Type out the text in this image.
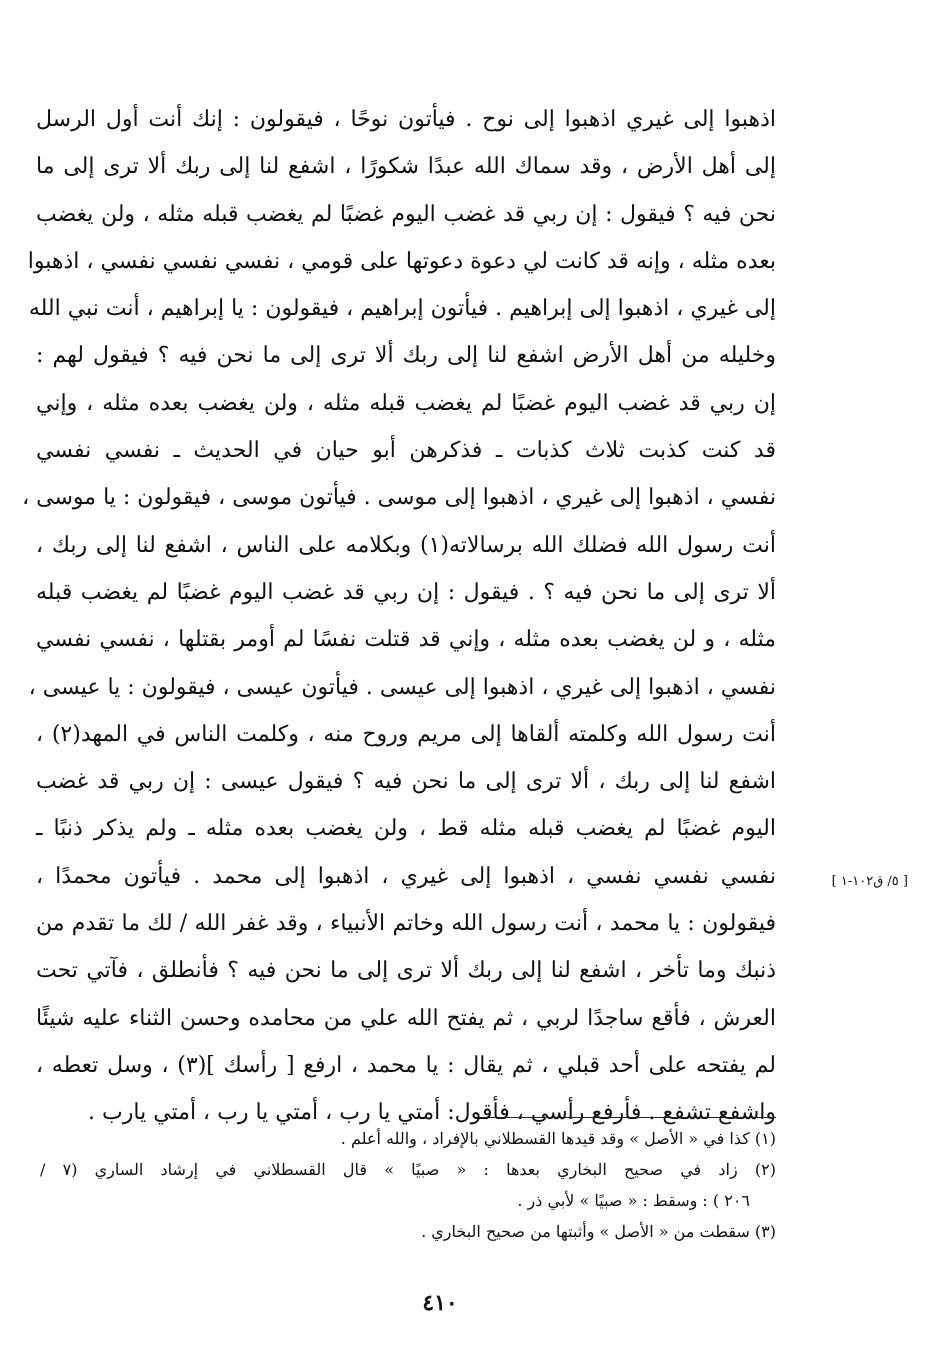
اذهبوا إلى غيري اذهبوا إلى نوح . فيأتون نوحًا ، فيقولون : إنك أنت أول الرسل
إلى أهل الأرض ، وقد سماك الله عبدًا شكورًا ، اشفع لنا إلى ربك ألا ترى إلى ما
نحن فيه ؟ فيقول : إن ربي قد غضب اليوم غضبًا لم يغضب قبله مثله ، ولن يغضب
بعده مثله ، وإنه قد كانت لي دعوة دعوتها على قومي ، نفسي نفسي نفسي ، اذهبوا
إلى غيري ، اذهبوا إلى إبراهيم . فيأتون إبراهيم ، فيقولون : يا إبراهيم ، أنت نبي الله
وخليله من أهل الأرض اشفع لنا إلى ربك ألا ترى إلى ما نحن فيه ؟ فيقول لهم :
إن ربي قد غضب اليوم غضبًا لم يغضب قبله مثله ، ولن يغضب بعده مثله ، وإني
قد كنت كذبت ثلاث كذبات ـ فذكرهن أبو حيان في الحديث ـ نفسي نفسي
نفسي ، اذهبوا إلى غيري ، اذهبوا إلى موسى . فيأتون موسى ، فيقولون : يا موسى ،
أنت رسول الله فضلك الله برسالاته(١) وبكلامه على الناس ، اشفع لنا إلى ربك ،
ألا ترى إلى ما نحن فيه ؟ . فيقول : إن ربي قد غضب اليوم غضبًا لم يغضب قبله
مثله ، و لن يغضب بعده مثله ، وإني قد قتلت نفسًا لم أومر بقتلها ، نفسي نفسي
نفسي ، اذهبوا إلى غيري ، اذهبوا إلى عيسى . فيأتون عيسى ، فيقولون : يا عيسى ،
أنت رسول الله وكلمته ألقاها إلى مريم وروح منه ، وكلمت الناس في المهد(٢) ،
اشفع لنا إلى ربك ، ألا ترى إلى ما نحن فيه ؟ فيقول عيسى : إن ربي قد غضب
اليوم غضبًا لم يغضب قبله مثله قط ، ولن يغضب بعده مثله ـ ولم يذكر ذنبًا ـ
نفسي نفسي نفسي ، اذهبوا إلى غيري ، اذهبوا إلى محمد . فيأتون محمدًا ،
فيقولون : يا محمد ، أنت رسول الله وخاتم الأنبياء ، وقد غفر الله / لك ما تقدم من
ذنبك وما تأخر ، اشفع لنا إلى ربك ألا ترى إلى ما نحن فيه ؟ فأنطلق ، فآتي تحت
العرش ، فأقع ساجدًا لربي ، ثم يفتح الله علي من محامده وحسن الثناء عليه شيئًا
لم يفتحه على أحد قبلي ، ثم يقال : يا محمد ، ارفع [ رأسك ](٣) ، وسل تعطه ،
واشفع تشفع . فأرفع رأسي ، فأقول: أمتي يا رب ، أمتي يا رب ، أمتي يارب .
[ ٥/ ق١٠٢-١ ]
(١) كذا في « الأصل » وقد قيدها القسطلاني بالإفراد ، والله أعلم .
(٢) زاد في صحيح البخاري بعدها : « صبيًا » قال القسطلاني في إرشاد الساري (٧ /
٢٠٦ ) : وسقط : « صبيًا » لأبي ذر .
(٣) سقطت من « الأصل » وأثبتها من صحيح البخاري .
٤١٠
